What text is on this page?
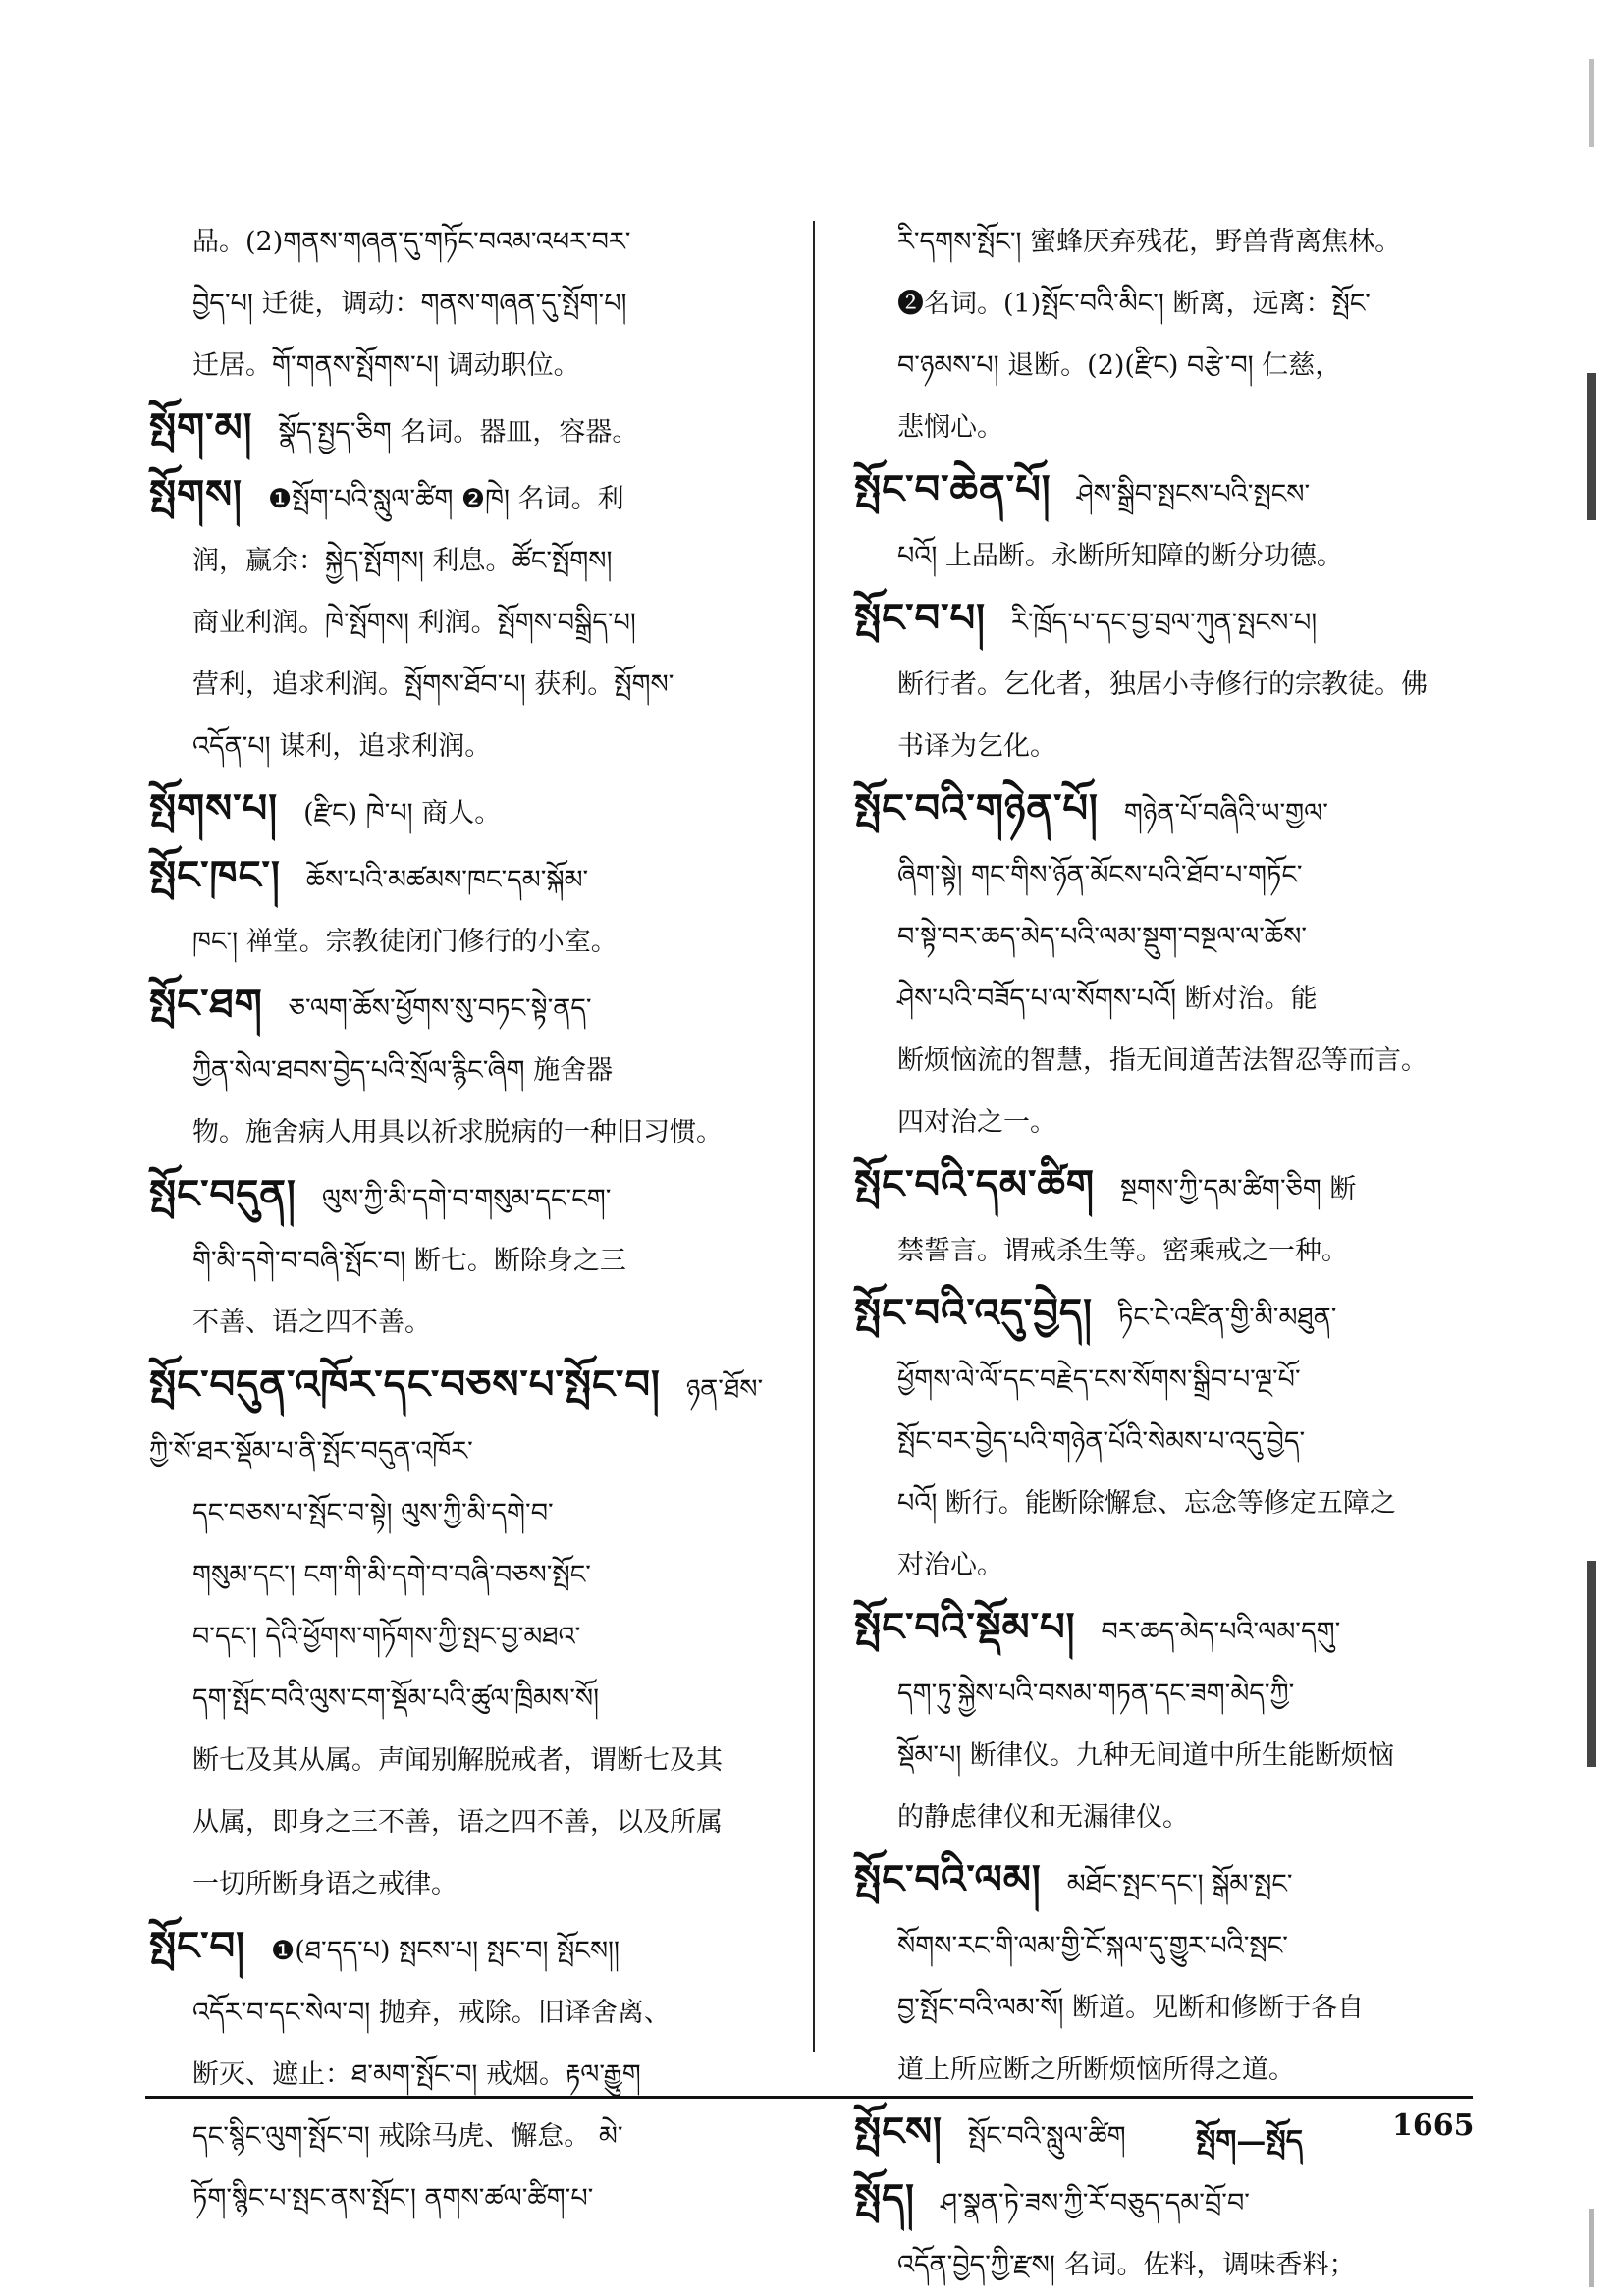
品。(2)གནས་གཞན་དུ་གཏོང་བའམ་འཕར་བར་
བྱེད་པ། 迁徙，调动：གནས་གཞན་དུ་སྤོག་པ།
迁居。གོ་གནས་སྤོགས་པ། 调动职位。
སྤོག་མ། སྣོད་སྤྱད་ཅིག 名词。器皿，容器。
སྤོགས། ❶སྤོག་པའི་སླུལ་ཚིག ❷ཁེ། 名词。利
润，赢余：སྐྱེད་སྤོགས། 利息。ཚོང་སྤོགས།
商业利润。ཁེ་སྤོགས། 利润。སྤོགས་བསྒྲིད་པ།
营利，追求利润。སྤོགས་ཐོབ་པ། 获利。སྤོགས་
འདོན་པ། 谋利，追求利润。
སྤོགས་པ། (རྫིང) ཁེ་པ། 商人。
སྤོང་ཁང་། ཆོས་པའི་མཚམས་ཁང་དམ་སྐོམ་
ཁང་། 禅堂。宗教徒闭门修行的小室。
སྤོང་ཐག ཅ་ལག་ཆོས་ཕྱོགས་སུ་བཏང་སྟེ་ནད་
ཀྱིན་སེལ་ཐབས་བྱེད་པའི་སྲོལ་རྙིང་ཞིག 施舍器
物。施舍病人用具以祈求脱病的一种旧习惯。
སྤོང་བདུན། ལུས་ཀྱི་མི་དགེ་བ་གསུམ་དང་ངག་
གི་མི་དགེ་བ་བཞི་སྤོང་བ། 断七。断除身之三
不善、语之四不善。
སྤོང་བདུན་འཁོར་དང་བཅས་པ་སྤོང་བ། ཉན་ཐོས་ཀྱི་སོ་ཐར་སྡོམ་པ་ནི་སྤོང་བདུན་འཁོར་
དང་བཅས་པ་སྤོང་བ་སྟེ། ལུས་ཀྱི་མི་དགེ་བ་
གསུམ་དང་། ངག་གི་མི་དགེ་བ་བཞི་བཅས་སྤོང་
བ་དང་། དེའི་ཕྱོགས་གཏོགས་ཀྱི་སྤང་བྱ་མཐའ་
དག་སྤོང་བའི་ལུས་ངག་སྡོམ་པའི་ཚུལ་ཁྲིམས་སོ།
断七及其从属。声闻别解脱戒者，谓断七及其
从属，即身之三不善，语之四不善，以及所属
一切所断身语之戒律。
སྤོང་བ། ❶(ཐ་དད་པ) སྤངས་པ། སྤང་བ། སྤོངས།།
འདོར་བ་དང་སེལ་བ། 抛弃，戒除。旧译舍离、
断灭、遮止：ཐ་མག་སྤོང་བ། 戒烟。རྟལ་རྒྱུག
དང་སྙིང་ལུག་སྤོང་བ། 戒除马虎、懈怠。 མེ་
ཏོག་སྙིང་པ་སྤང་ནས་སྤོང་། ནགས་ཚལ་ཚིག་པ་
རི་དགས་སྤོང་། 蜜蜂厌弃残花，野兽背离焦林。
❷名词。(1)སྤོང་བའི་མིང་། 断离，远离：སྤོང་
བ་ཉམས་པ། 退断。(2)(རྫིང) བརྩེ་བ། 仁慈，
悲悯心。
སྤོང་བ་ཆེན་པོ། ཤེས་སྒྲིབ་སྤངས་པའི་སྤངས་
པའོ། 上品断。永断所知障的断分功德。
སྤོང་བ་པ། རི་ཁྲོད་པ་དང་བྱ་བྲལ་ཀུན་སྤངས་པ།
断行者。乞化者，独居小寺修行的宗教徒。佛
书译为乞化。
སྤོང་བའི་གཉེན་པོ། གཉེན་པོ་བཞིའི་ཡ་གྱལ་
ཞིག་སྟེ། གང་གིས་ཉོན་མོངས་པའི་ཐོབ་པ་གཏོང་
བ་སྟེ་བར་ཆད་མེད་པའི་ལམ་སྡུག་བསྔལ་ལ་ཆོས་
ཤེས་པའི་བཟོད་པ་ལ་སོགས་པའོ། 断对治。能
断烦恼流的智慧，指无间道苦法智忍等而言。
四对治之一。
སྤོང་བའི་དམ་ཚིག སྔགས་ཀྱི་དམ་ཚིག་ཅིག 断
禁誓言。谓戒杀生等。密乘戒之一种。
སྤོང་བའི་འདུ་བྱེད། ཏིང་ངེ་འཛིན་གྱི་མི་མཐུན་
ཕྱོགས་ལེ་ལོ་དང་བརྗེད་ངས་སོགས་སྒྲིབ་པ་ལྔ་པོ་
སྤོང་བར་བྱེད་པའི་གཉེན་པོའི་སེམས་པ་འདུ་བྱེད་
པའོ། 断行。能断除懈怠、忘念等修定五障之
对治心。
སྤོང་བའི་སྡོམ་པ། བར་ཆད་མེད་པའི་ལམ་དགུ་
དག་ཏུ་སྐྱེས་པའི་བསམ་གཏན་དང་ཟག་མེད་ཀྱི་
སྡོམ་པ། 断律仪。九种无间道中所生能断烦恼
的静虑律仪和无漏律仪。
སྤོང་བའི་ལམ། མཐོང་སྤང་དང་། སྒོམ་སྤང་
སོགས་རང་གི་ལམ་གྱི་ངོ་སྐལ་དུ་གྱུར་པའི་སྤང་
བྱ་སྤོང་བའི་ལམ་སོ། 断道。见断和修断于各自
道上所应断之所断烦恼所得之道。
སྤོངས། སྤོང་བའི་སླུལ་ཚིག
སྤོད། ཤ་སྣན་ཏེ་ཟས་ཀྱི་རོ་བཅུད་དམ་བྲོ་བ་
འདོན་བྱེད་ཀྱི་རྫས། 名词。佐料，调味香料；
སྤོག—སྤོད	1665
